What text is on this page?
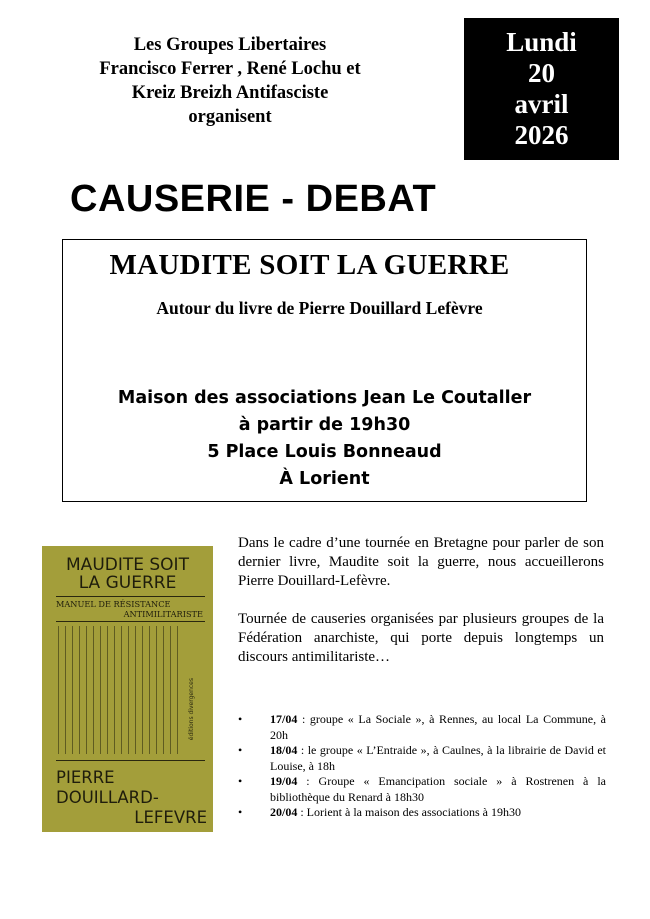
Les Groupes Libertaires
Francisco Ferrer , René Lochu et
Kreiz Breizh Antifasciste
organisent
Lundi
20
avril
2026
CAUSERIE - DEBAT
MAUDITE SOIT LA GUERRE
Autour du livre de Pierre Douillard Lefèvre
Maison des associations Jean Le Coutaller
à partir de 19h30
5 Place Louis Bonneaud
À Lorient
MAUDITE SOIT
LA GUERRE
MANUEL DE RÉSISTANCE
ANTIMILITARISTE
éditions divergences
PIERRE
DOUILLARD-
LEFEVRE

Dans le cadre d’une tournée en Bretagne pour parler de son dernier livre, Maudite soit la guerre, nous accueillerons Pierre Douillard-Lefèvre.

Tournée de causeries organisées par plusieurs groupes de la Fédération anarchiste, qui porte depuis longtemps un discours antimilitariste…

• 17/04 : groupe « La Sociale », à Rennes, au local La Commune, à 20h
• 18/04 : le groupe « L’Entraide », à Caulnes, à la librairie de David et Louise, à 18h
• 19/04 : Groupe « Emancipation sociale » à Rostrenen à la bibliothèque du Renard à 18h30
• 20/04 : Lorient à la maison des associations à 19h30
